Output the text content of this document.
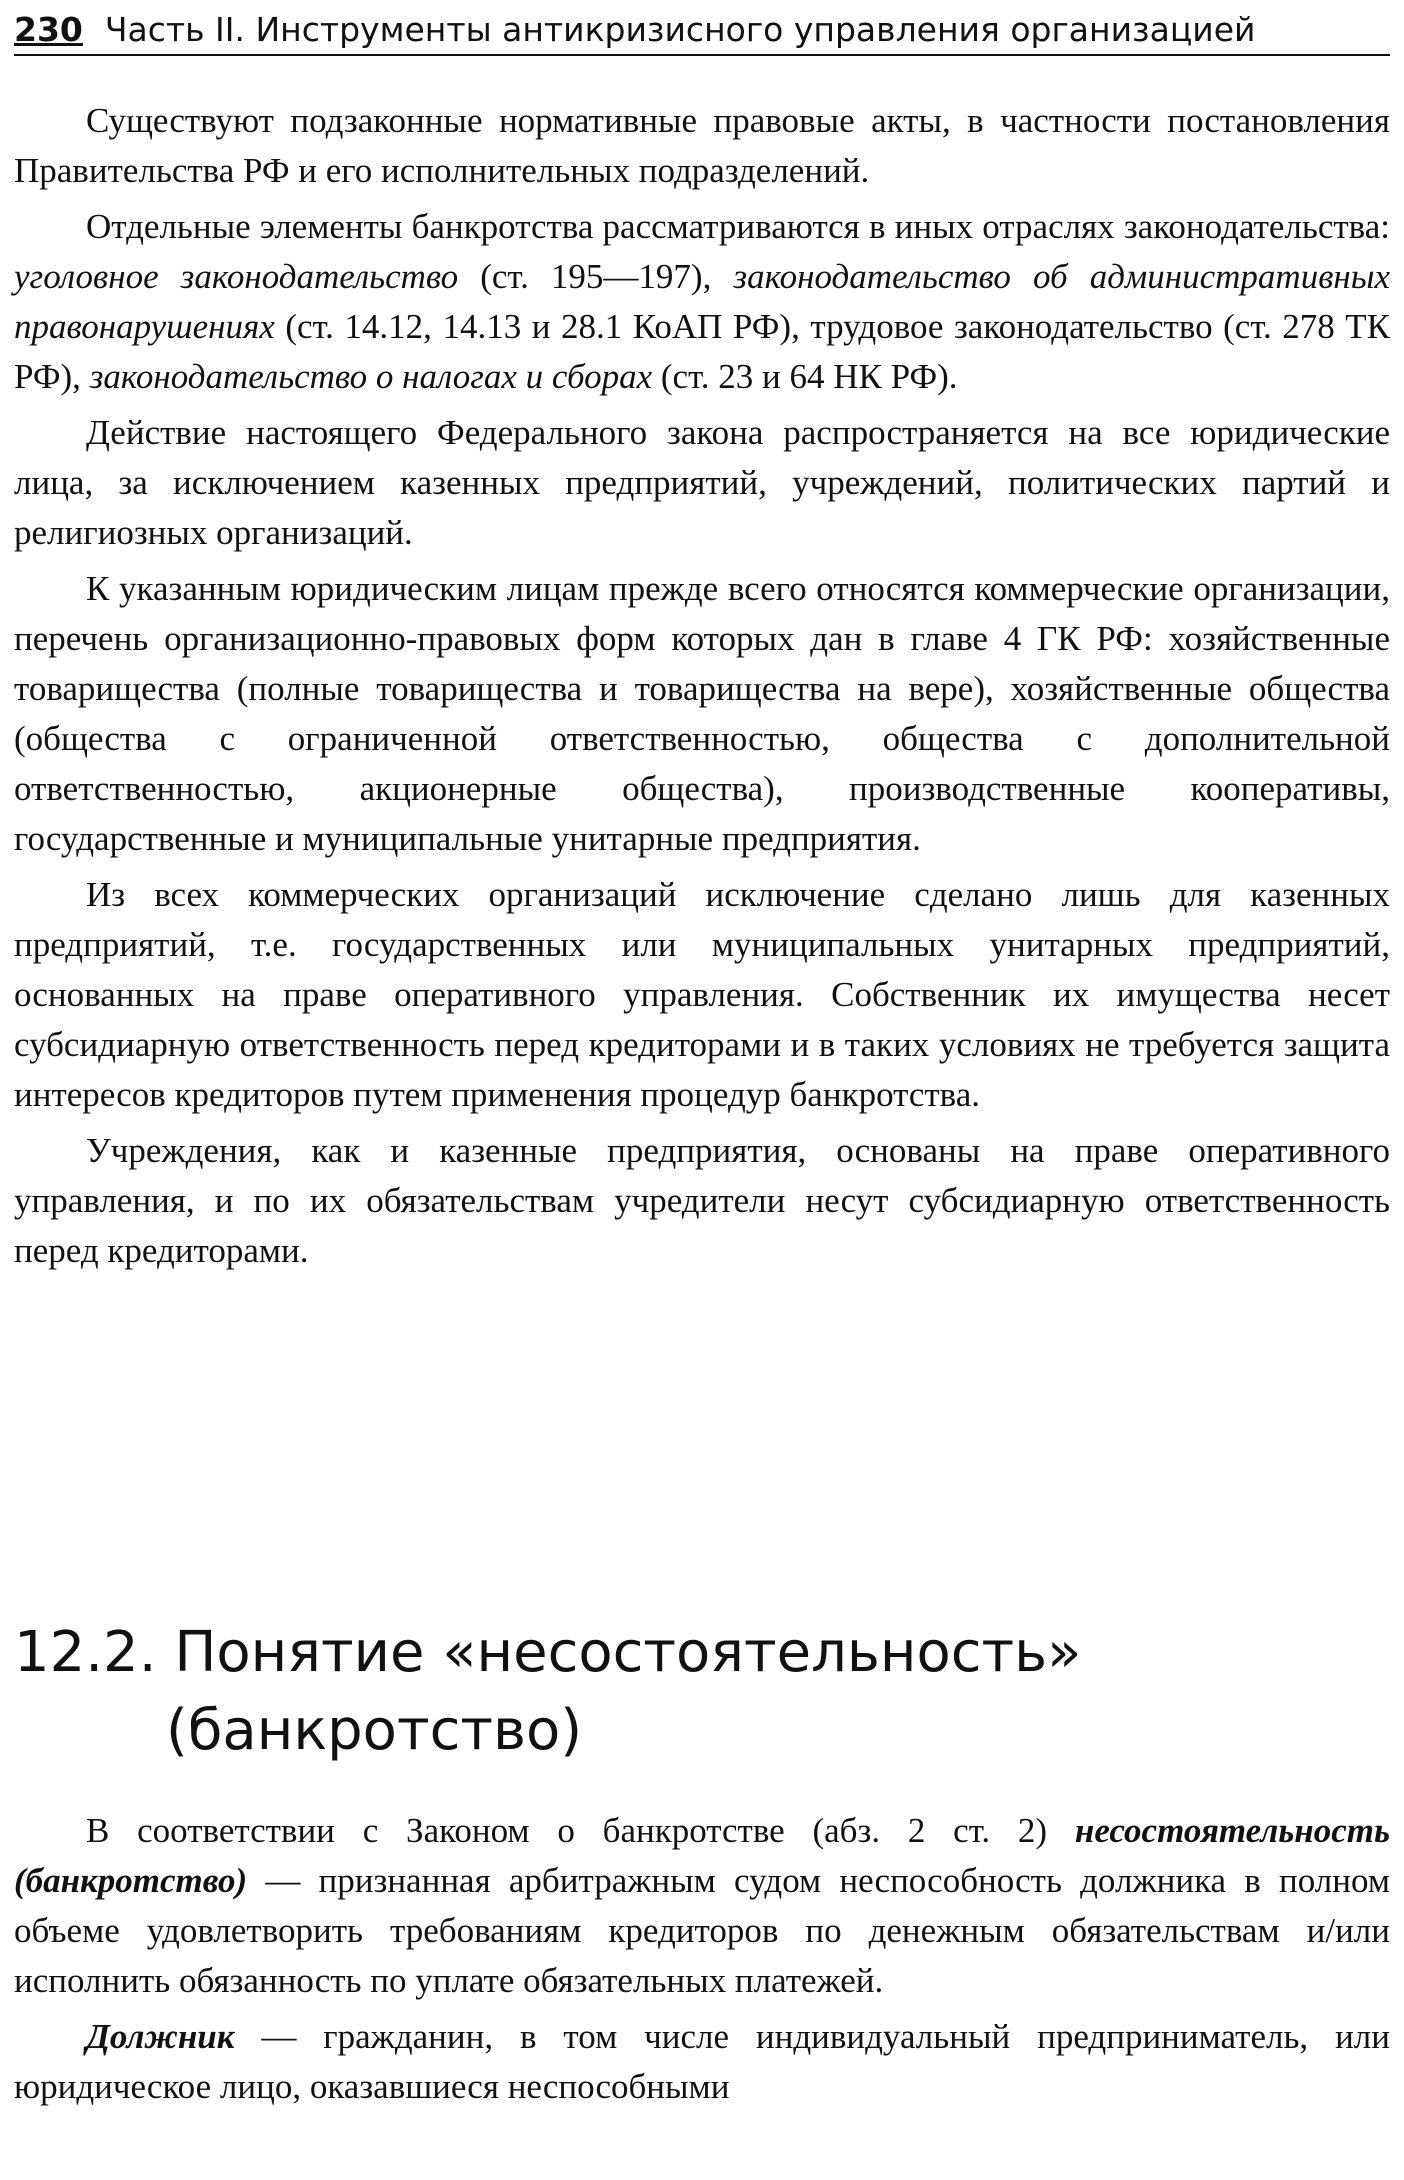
230 Часть II. Инструменты антикризисного управления организацией

Существуют подзаконные нормативные правовые акты, в частности постановления Правительства РФ и его исполнительных подразделений.

Отдельные элементы банкротства рассматриваются в иных отраслях законодательства: уголовное законодательство (ст. 195—197), законодательство об административных правонарушениях (ст. 14.12, 14.13 и 28.1 КоАП РФ), трудовое законодательство (ст. 278 ТК РФ), законодательство о налогах и сборах (ст. 23 и 64 НК РФ).

Действие настоящего Федерального закона распространяется на все юридические лица, за исключением казенных предприятий, учреждений, политических партий и религиозных организаций.

К указанным юридическим лицам прежде всего относятся коммерческие организации, перечень организационно-правовых форм которых дан в главе 4 ГК РФ: хозяйственные товарищества (полные товарищества и товарищества на вере), хозяйственные общества (общества с ограниченной ответственностью, общества с дополнительной ответственностью, акционерные общества), производственные кооперативы, государственные и муниципальные унитарные предприятия.

Из всех коммерческих организаций исключение сделано лишь для казенных предприятий, т.е. государственных или муниципальных унитарных предприятий, основанных на праве оперативного управления. Собственник их имущества несет субсидиарную ответственность перед кредиторами и в таких условиях не требуется защита интересов кредиторов путем применения процедур банкротства.

Учреждения, как и казенные предприятия, основаны на праве оперативного управления, и по их обязательствам учредители несут субсидиарную ответственность перед кредиторами.

12.2. Понятие «несостоятельность»
(банкротство)

В соответствии с Законом о банкротстве (абз. 2 ст. 2) несостоятельность (банкротство) — признанная арбитражным судом неспособность должника в полном объеме удовлетворить требованиям кредиторов по денежным обязательствам и/или исполнить обязанность по уплате обязательных платежей.

Должник — гражданин, в том числе индивидуальный предприниматель, или юридическое лицо, оказавшиеся неспособными
